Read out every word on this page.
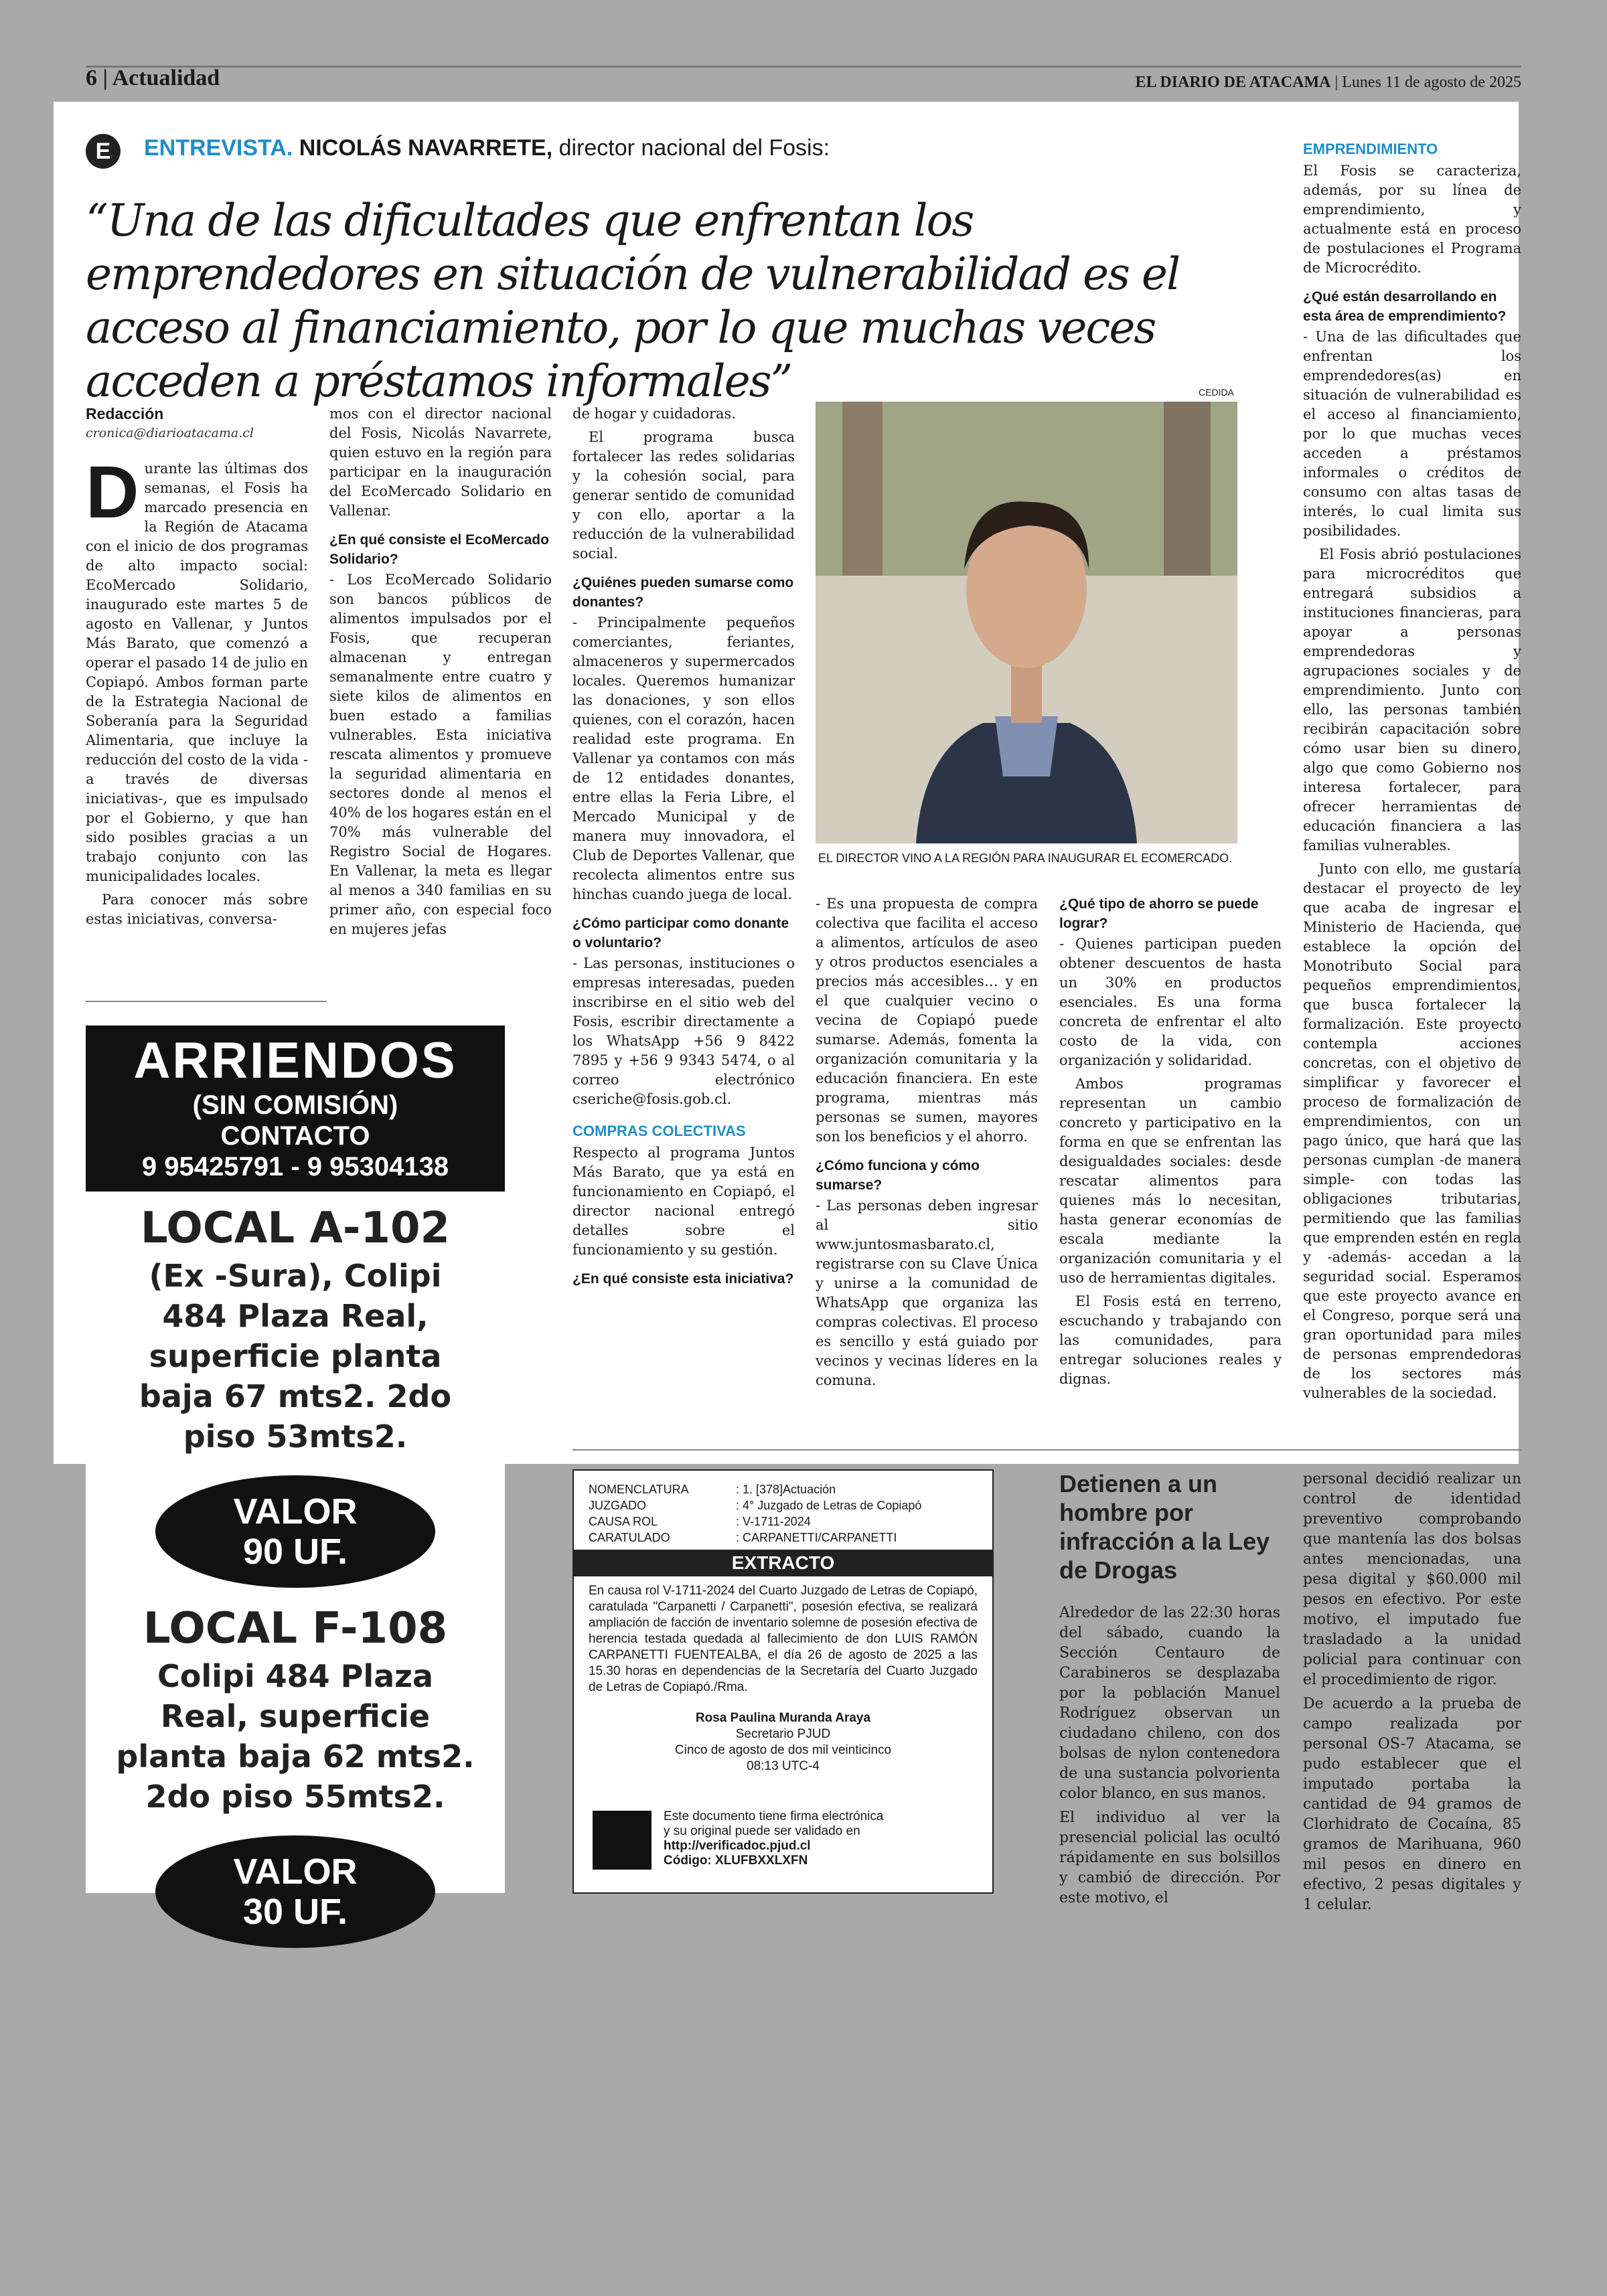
6 | Actualidad	EL DIARIO DE ATACAMA | Lunes 11 de agosto de 2025
E	ENTREVISTA. NICOLÁS NAVARRETE, director nacional del Fosis:
“Una de las dificultades que enfrentan los emprendedores en situación de vulnerabilidad es el acceso al financiamiento, por lo que muchas veces acceden a préstamos informales”
Redacción
cronica@diarioatacama.cl

Durante las últimas dos semanas, el Fosis ha marcado presencia en la Región de Atacama con el inicio de dos programas de alto impacto social: EcoMercado Solidario, inaugurado este martes 5 de agosto en Vallenar, y Juntos Más Barato, que comenzó a operar el pasado 14 de julio en Copiapó. Ambos forman parte de la Estrategia Nacional de Soberanía para la Seguridad Alimentaria, que incluye la reducción del costo de la vida -a través de diversas iniciativas-, que es impulsado por el Gobierno, y que han sido posibles gracias a un trabajo conjunto con las municipalidades locales.

Para conocer más sobre estas iniciativas, conversa-

mos con el director nacional del Fosis, Nicolás Navarrete, quien estuvo en la región para participar en la inauguración del EcoMercado Solidario en Vallenar.

¿En qué consiste el EcoMercado Solidario?

- Los EcoMercado Solidario son bancos públicos de alimentos impulsados por el Fosis, que recuperan almacenan y entregan semanalmente entre cuatro y siete kilos de alimentos en buen estado a familias vulnerables. Esta iniciativa rescata alimentos y promueve la seguridad alimentaria en sectores donde al menos el 40% de los hogares están en el 70% más vulnerable del Registro Social de Hogares. En Vallenar, la meta es llegar al menos a 340 familias en su primer año, con especial foco en mujeres jefas

de hogar y cuidadoras.

El programa busca fortalecer las redes solidarias y la cohesión social, para generar sentido de comunidad y con ello, aportar a la reducción de la vulnerabilidad social.

¿Quiénes pueden sumarse como donantes?

- Principalmente pequeños comerciantes, feriantes, almaceneros y supermercados locales. Queremos humanizar las donaciones, y son ellos quienes, con el corazón, hacen realidad este programa. En Vallenar ya contamos con más de 12 entidades donantes, entre ellas la Feria Libre, el Mercado Municipal y de manera muy innovadora, el Club de Deportes Vallenar, que recolecta alimentos entre sus hinchas cuando juega de local.

¿Cómo participar como donante o voluntario?

- Las personas, instituciones o empresas interesadas, pueden inscribirse en el sitio web del Fosis, escribir directamente a los WhatsApp +56 9 8422 7895 y +56 9 9343 5474, o al correo electrónico cseriche@fosis.gob.cl.

COMPRAS COLECTIVAS

Respecto al programa Juntos Más Barato, que ya está en funcionamiento en Copiapó, el director nacional entregó detalles sobre el funcionamiento y su gestión.

¿En qué consiste esta iniciativa?

CEDIDA
EL DIRECTOR VINO A LA REGIÓN PARA INAUGURAR EL ECOMERCADO.

- Es una propuesta de compra colectiva que facilita el acceso a alimentos, artículos de aseo y otros productos esenciales a precios más accesibles… y en el que cualquier vecino o vecina de Copiapó puede sumarse. Además, fomenta la organización comunitaria y la educación financiera. En este programa, mientras más personas se sumen, mayores son los beneficios y el ahorro.

¿Cómo funciona y cómo sumarse?

- Las personas deben ingresar al sitio www.juntosmasbarato.cl, registrarse con su Clave Única y unirse a la comunidad de WhatsApp que organiza las compras colectivas. El proceso es sencillo y está guiado por vecinos y vecinas líderes en la comuna.

¿Qué tipo de ahorro se puede lograr?

- Quienes participan pueden obtener descuentos de hasta un 30% en productos esenciales. Es una forma concreta de enfrentar el alto costo de la vida, con organización y solidaridad.

Ambos programas representan un cambio concreto y participativo en la forma en que se enfrentan las desigualdades sociales: desde rescatar alimentos para quienes más lo necesitan, hasta generar economías de escala mediante la organización comunitaria y el uso de herramientas digitales.

El Fosis está en terreno, escuchando y trabajando con las comunidades, para entregar soluciones reales y dignas.

EMPRENDIMIENTO

El Fosis se caracteriza, además, por su línea de emprendimiento, y actualmente está en proceso de postulaciones el Programa de Microcrédito.

¿Qué están desarrollando en esta área de emprendimiento?

- Una de las dificultades que enfrentan los emprendedores(as) en situación de vulnerabilidad es el acceso al financiamiento, por lo que muchas veces acceden a préstamos informales o créditos de consumo con altas tasas de interés, lo cual limita sus posibilidades.

El Fosis abrió postulaciones para microcréditos que entregará subsidios a instituciones financieras, para apoyar a personas emprendedoras y agrupaciones sociales y de emprendimiento. Junto con ello, las personas también recibirán capacitación sobre cómo usar bien su dinero, algo que como Gobierno nos interesa fortalecer, para ofrecer herramientas de educación financiera a las familias vulnerables.

Junto con ello, me gustaría destacar el proyecto de ley que acaba de ingresar el Ministerio de Hacienda, que establece la opción del Monotributo Social para pequeños emprendimientos, que busca fortalecer la formalización. Este proyecto contempla acciones concretas, con el objetivo de simplificar y favorecer el proceso de formalización de emprendimientos, con un pago único, que hará que las personas cumplan -de manera simple- con todas las obligaciones tributarias, permitiendo que las familias que emprenden estén en regla y -además- accedan a la seguridad social. Esperamos que este proyecto avance en el Congreso, porque será una gran oportunidad para miles de personas emprendedoras de los sectores más vulnerables de la sociedad.

ARRIENDOS
(SIN COMISIÓN)
CONTACTO
9 95425791 - 9 95304138
LOCAL A-102
(Ex -Sura), Colipi 484 Plaza Real, superficie planta baja 67 mts2. 2do piso 53mts2.
VALOR
90 UF.
LOCAL F-108
Colipi 484 Plaza Real, superficie planta baja 62 mts2. 2do piso 55mts2.
VALOR
30 UF.
NOMENCLATURA	: 1. [378]Actuación
JUZGADO	: 4° Juzgado de Letras de Copiapó
CAUSA ROL	: V-1711-2024
CARATULADO	: CARPANETTI/CARPANETTI
EXTRACTO
En causa rol V-1711-2024 del Cuarto Juzgado de Letras de Copiapó, caratulada "Carpanetti / Carpanetti", posesión efectiva, se realizará ampliación de facción de inventario solemne de posesión efectiva de herencia testada quedada al fallecimiento de don LUIS RAMÓN CARPANETTI FUENTEALBA, el día 26 de agosto de 2025 a las 15.30 horas en dependencias de la Secretaría del Cuarto Juzgado de Letras de Copiapó./Rma.
Rosa Paulina Muranda Araya
Secretario PJUD
Cinco de agosto de dos mil veinticinco
08:13 UTC-4
Este documento tiene firma electrónica
y su original puede ser validado en
http://verificadoc.pjud.cl
Código: XLUFBXXLXFN
Detienen a un hombre por infracción a la Ley de Drogas

Alrededor de las 22:30 horas del sábado, cuando la Sección Centauro de Carabineros se desplazaba por la población Manuel Rodríguez observan un ciudadano chileno, con dos bolsas de nylon contenedora de una sustancia polvorienta color blanco, en sus manos.

El individuo al ver la presencial policial las ocultó rápidamente en sus bolsillos y cambió de dirección. Por este motivo, el

personal decidió realizar un control de identidad preventivo comprobando que mantenía las dos bolsas antes mencionadas, una pesa digital y $60.000 mil pesos en efectivo. Por este motivo, el imputado fue trasladado a la unidad policial para continuar con el procedimiento de rigor.

De acuerdo a la prueba de campo realizada por personal OS-7 Atacama, se pudo establecer que el imputado portaba la cantidad de 94 gramos de Clorhidrato de Cocaína, 85 gramos de Marihuana, 960 mil pesos en dinero en efectivo, 2 pesas digitales y 1 celular.
